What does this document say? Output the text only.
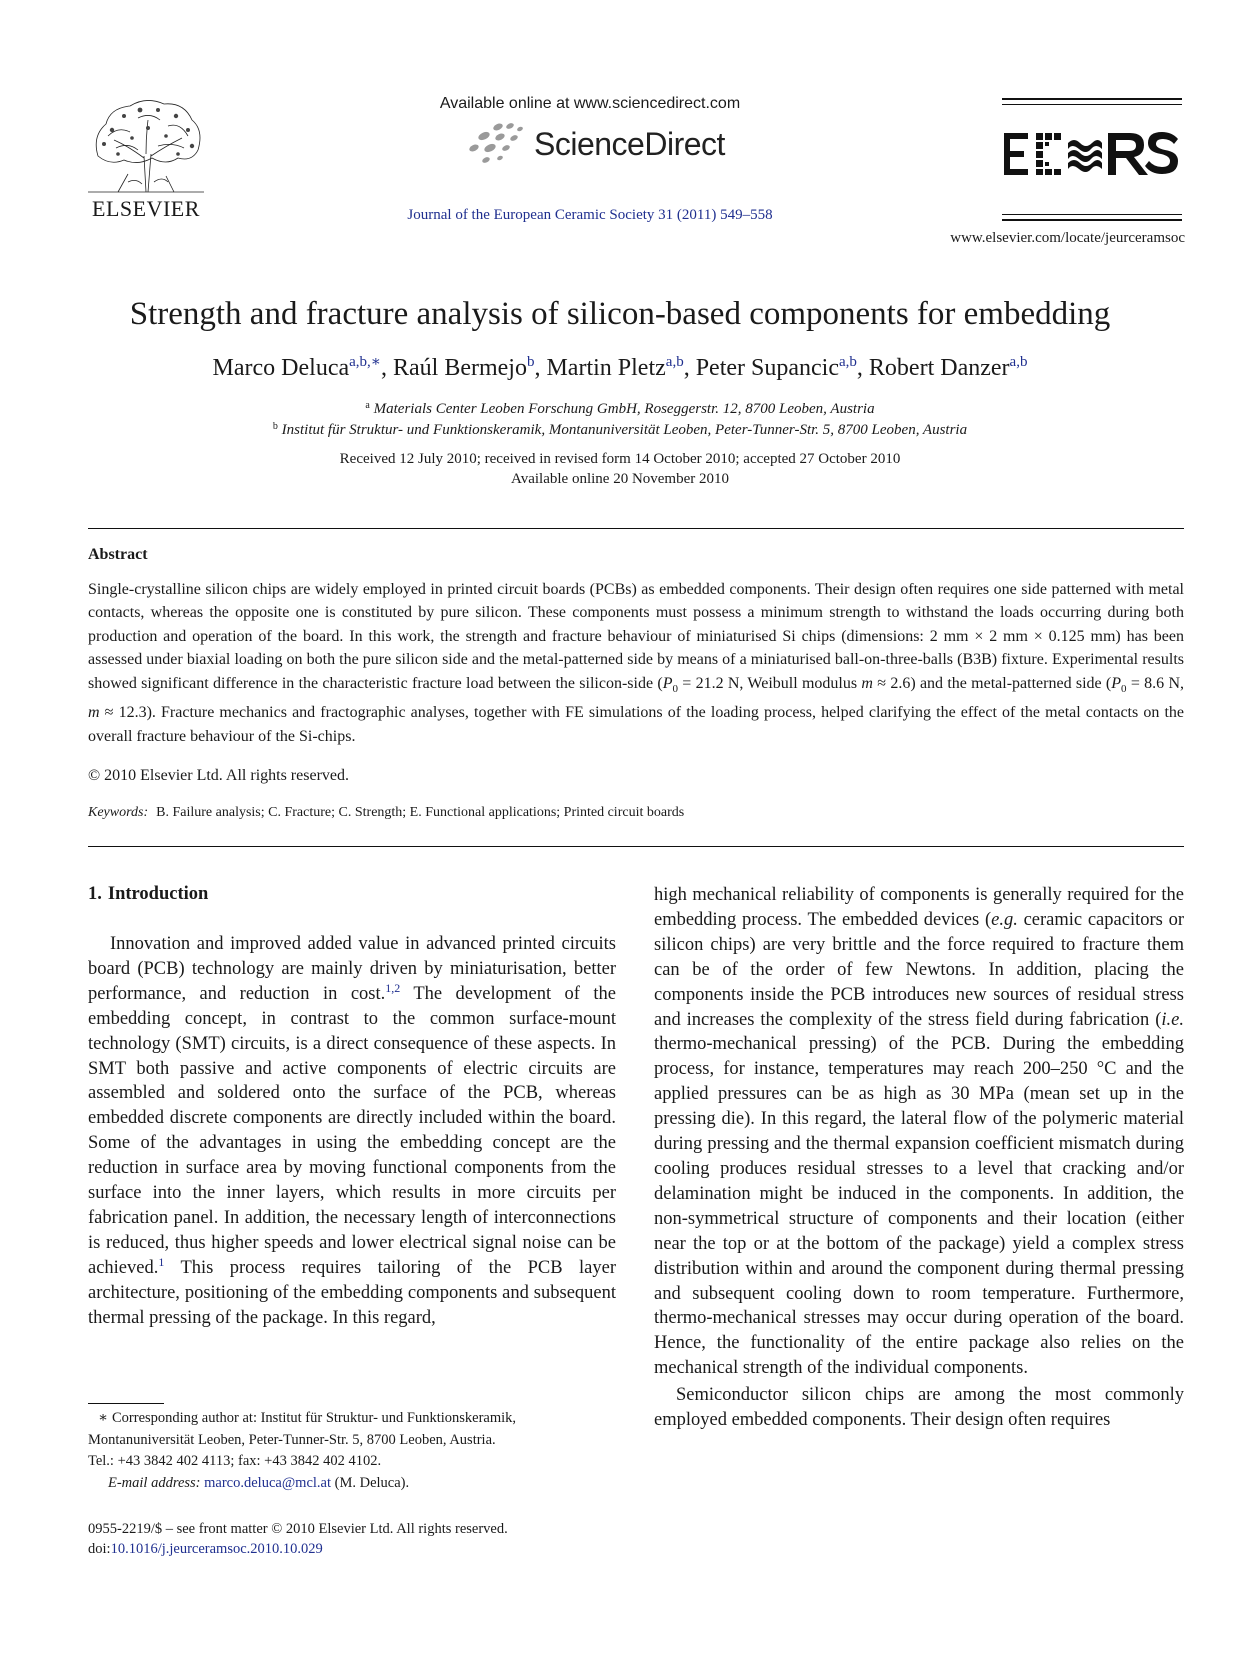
ELSEVIER
Available online at www.sciencedirect.com
ScienceDirect
Journal of the European Ceramic Society 31 (2011) 549–558
www.elsevier.com/locate/jeurceramsoc
Strength and fracture analysis of silicon-based components for embedding
Marco Deluca$^{a,b,∗}$, Raúl Bermejo$^b$, Martin Pletz$^{a,b}$, Peter Supancic$^{a,b}$, Robert Danzer$^{a,b}$
$^a$ Materials Center Leoben Forschung GmbH, Roseggerstr. 12, 8700 Leoben, Austria
$^b$ Institut für Struktur- und Funktionskeramik, Montanuniversität Leoben, Peter-Tunner-Str. 5, 8700 Leoben, Austria
Received 12 July 2010; received in revised form 14 October 2010; accepted 27 October 2010
Available online 20 November 2010
Abstract
Single-crystalline silicon chips are widely employed in printed circuit boards (PCBs) as embedded components. Their design often requires one side patterned with metal contacts, whereas the opposite one is constituted by pure silicon. These components must possess a minimum strength to withstand the loads occurring during both production and operation of the board. In this work, the strength and fracture behaviour of miniaturised Si chips (dimensions: 2 mm × 2 mm × 0.125 mm) has been assessed under biaxial loading on both the pure silicon side and the metal-patterned side by means of a miniaturised ball-on-three-balls (B3B) fixture. Experimental results showed significant difference in the characteristic fracture load between the silicon-side ($P_0 = 21.2$ N, Weibull modulus m ≈ 2.6) and the metal-patterned side ($P_0 = 8.6$ N, m ≈ 12.3). Fracture mechanics and fractographic analyses, together with FE simulations of the loading process, helped clarifying the effect of the metal contacts on the overall fracture behaviour of the Si-chips.
© 2010 Elsevier Ltd. All rights reserved.
Keywords: B. Failure analysis; C. Fracture; C. Strength; E. Functional applications; Printed circuit boards
1. Introduction

Innovation and improved added value in advanced printed circuits board (PCB) technology are mainly driven by miniaturisation, better performance, and reduction in cost.$^{1,2}$ The development of the embedding concept, in contrast to the common surface-mount technology (SMT) circuits, is a direct consequence of these aspects. In SMT both passive and active components of electric circuits are assembled and soldered onto the surface of the PCB, whereas embedded discrete components are directly included within the board. Some of the advantages in using the embedding concept are the reduction in surface area by moving functional components from the surface into the inner layers, which results in more circuits per fabrication panel. In addition, the necessary length of interconnections is reduced, thus higher speeds and lower electrical signal noise can be achieved.$^1$ This process requires tailoring of the PCB layer architecture, positioning of the embedding components and subsequent thermal pressing of the package. In this regard,

high mechanical reliability of components is generally required for the embedding process. The embedded devices (e.g. ceramic capacitors or silicon chips) are very brittle and the force required to fracture them can be of the order of few Newtons. In addition, placing the components inside the PCB introduces new sources of residual stress and increases the complexity of the stress field during fabrication (i.e. thermo-mechanical pressing) of the PCB. During the embedding process, for instance, temperatures may reach 200–250 °C and the applied pressures can be as high as 30 MPa (mean set up in the pressing die). In this regard, the lateral flow of the polymeric material during pressing and the thermal expansion coefficient mismatch during cooling produces residual stresses to a level that cracking and/or delamination might be induced in the components. In addition, the non-symmetrical structure of components and their location (either near the top or at the bottom of the package) yield a complex stress distribution within and around the component during thermal pressing and subsequent cooling down to room temperature. Furthermore, thermo-mechanical stresses may occur during operation of the board. Hence, the functionality of the entire package also relies on the mechanical strength of the individual components.

Semiconductor silicon chips are among the most commonly employed embedded components. Their design often requires

∗ Corresponding author at: Institut für Struktur- und Funktionskeramik, Montanuniversität Leoben, Peter-Tunner-Str. 5, 8700 Leoben, Austria.
Tel.: +43 3842 402 4113; fax: +43 3842 402 4102.
E-mail address: marco.deluca@mcl.at (M. Deluca).
0955-2219/$ – see front matter © 2010 Elsevier Ltd. All rights reserved.
doi:10.1016/j.jeurceramsoc.2010.10.029
